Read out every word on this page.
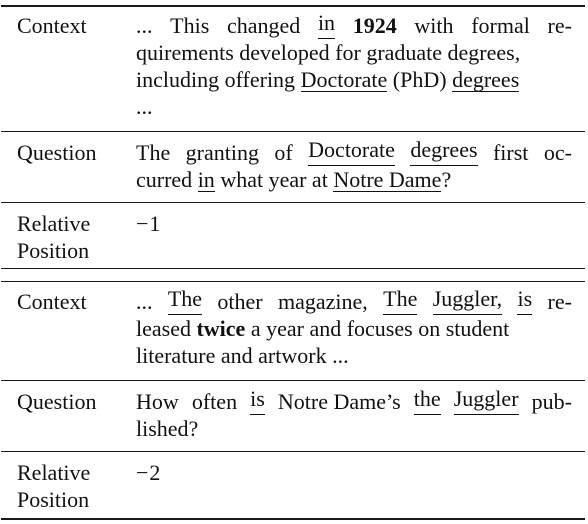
Context ... This changed in 1924 with formal re-
quirements developed for graduate degrees,
including offering Doctorate (PhD) degrees
...
Question The granting of Doctorate degrees first oc-
curred in what year at Notre Dame?
Relative
Position
−1
Context ... The other magazine, The Juggler, is re-
leased twice a year and focuses on student
literature and artwork ...
Question How often is Notre Dame’s the Juggler pub-
lished?
Relative
Position
−2
